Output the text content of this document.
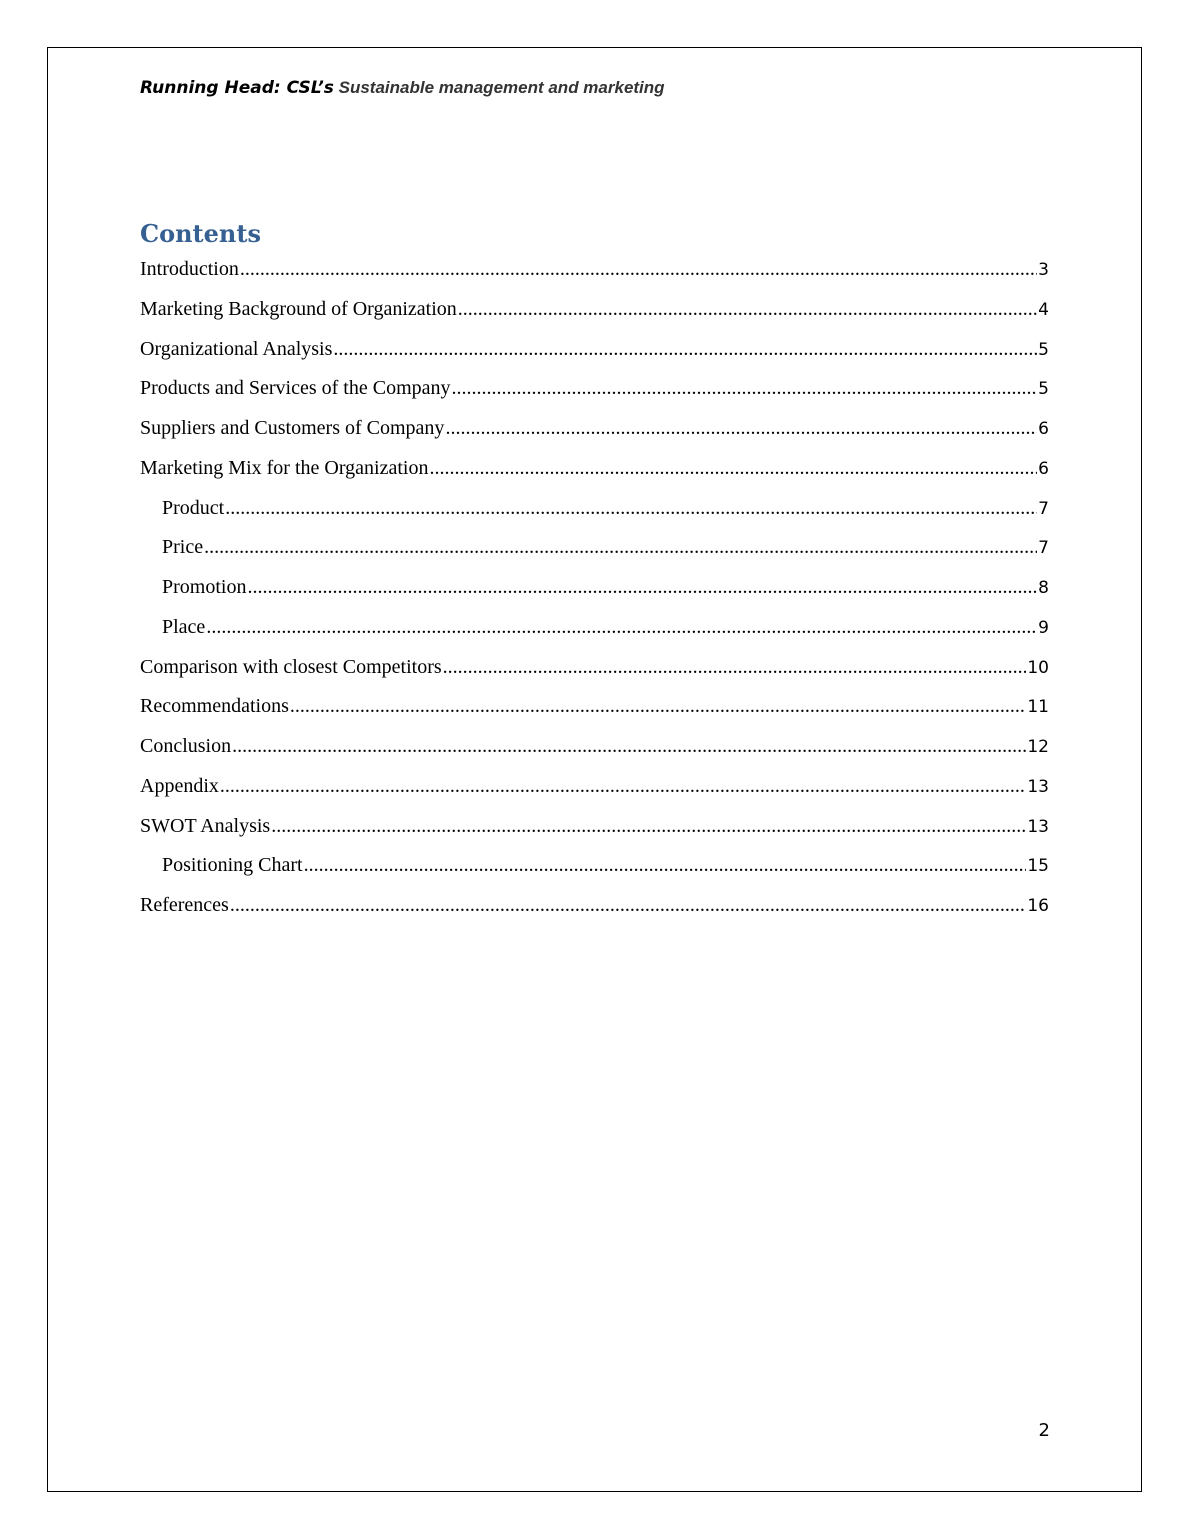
Running Head: CSL’s Sustainable management and marketing
Contents
Introduction .....	3
Marketing Background of Organization .....	4
Organizational Analysis .....	5
Products and Services of the Company .....	5
Suppliers and Customers of Company .....	6
Marketing Mix for the Organization .....	6
Product .....	7
Price .....	7
Promotion .....	8
Place .....	9
Comparison with closest Competitors .....	10
Recommendations .....	11
Conclusion .....	12
Appendix .....	13
SWOT Analysis .....	13
Positioning Chart .....	15
References .....	16
2
